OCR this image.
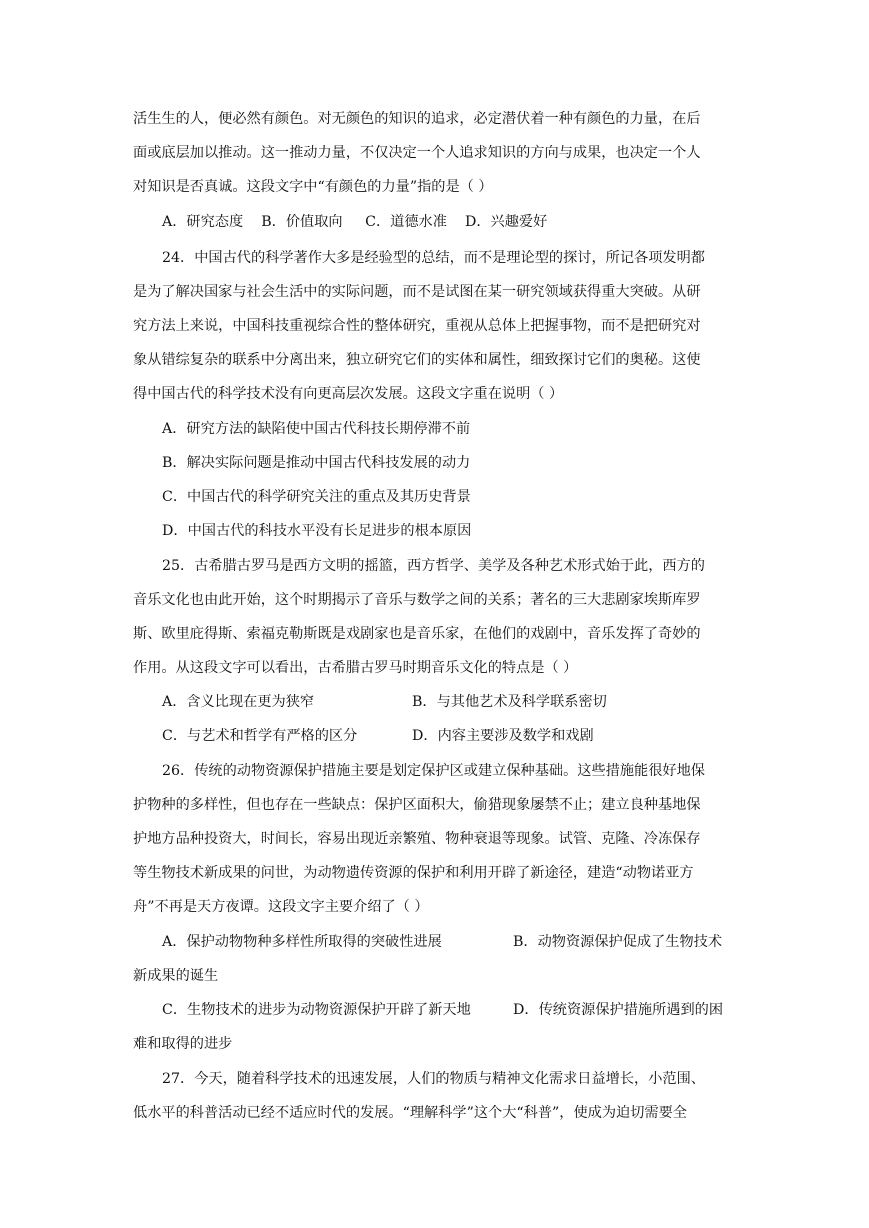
活生生的人，便必然有颜色。对无颜色的知识的追求，必定潜伏着一种有颜色的力量，在后
面或底层加以推动。这一推动力量，不仅决定一个人追求知识的方向与成果，也决定一个人
对知识是否真诚。这段文字中“有颜色的力量”指的是（ ）
A．研究态度    B．价值取向     C．道德水准    D．兴趣爱好
24．中国古代的科学著作大多是经验型的总结，而不是理论型的探讨，所记各项发明都
是为了解决国家与社会生活中的实际问题，而不是试图在某一研究领域获得重大突破。从研
究方法上来说，中国科技重视综合性的整体研究，重视从总体上把握事物，而不是把研究对
象从错综复杂的联系中分离出来，独立研究它们的实体和属性，细致探讨它们的奥秘。这使
得中国古代的科学技术没有向更高层次发展。这段文字重在说明（ ）
A．研究方法的缺陷使中国古代科技长期停滞不前
B．解决实际问题是推动中国古代科技发展的动力
C．中国古代的科学研究关注的重点及其历史背景
D．中国古代的科技水平没有长足进步的根本原因
25．古希腊古罗马是西方文明的摇篮，西方哲学、美学及各种艺术形式始于此，西方的
音乐文化也由此开始，这个时期揭示了音乐与数学之间的关系；著名的三大悲剧家埃斯库罗
斯、欧里庇得斯、索福克勒斯既是戏剧家也是音乐家，在他们的戏剧中，音乐发挥了奇妙的
作用。从这段文字可以看出，古希腊古罗马时期音乐文化的特点是（ ）
A．含义比现在更为狭窄	B．与其他艺术及科学联系密切
C．与艺术和哲学有严格的区分	D．内容主要涉及数学和戏剧
26．传统的动物资源保护措施主要是划定保护区或建立保种基础。这些措施能很好地保
护物种的多样性，但也存在一些缺点：保护区面积大，偷猎现象屡禁不止；建立良种基地保
护地方品种投资大，时间长，容易出现近亲繁殖、物种衰退等现象。试管、克隆、冷冻保存
等生物技术新成果的问世，为动物遗传资源的保护和利用开辟了新途径，建造“动物诺亚方
舟”不再是天方夜谭。这段文字主要介绍了（ ）
A．保护动物物种多样性所取得的突破性进展	B．动物资源保护促成了生物技术
新成果的诞生
C．生物技术的进步为动物资源保护开辟了新天地	D．传统资源保护措施所遇到的困
难和取得的进步
27．今天，随着科学技术的迅速发展，人们的物质与精神文化需求日益增长，小范围、
低水平的科普活动已经不适应时代的发展。“理解科学”这个大“科普”，使成为迫切需要全
